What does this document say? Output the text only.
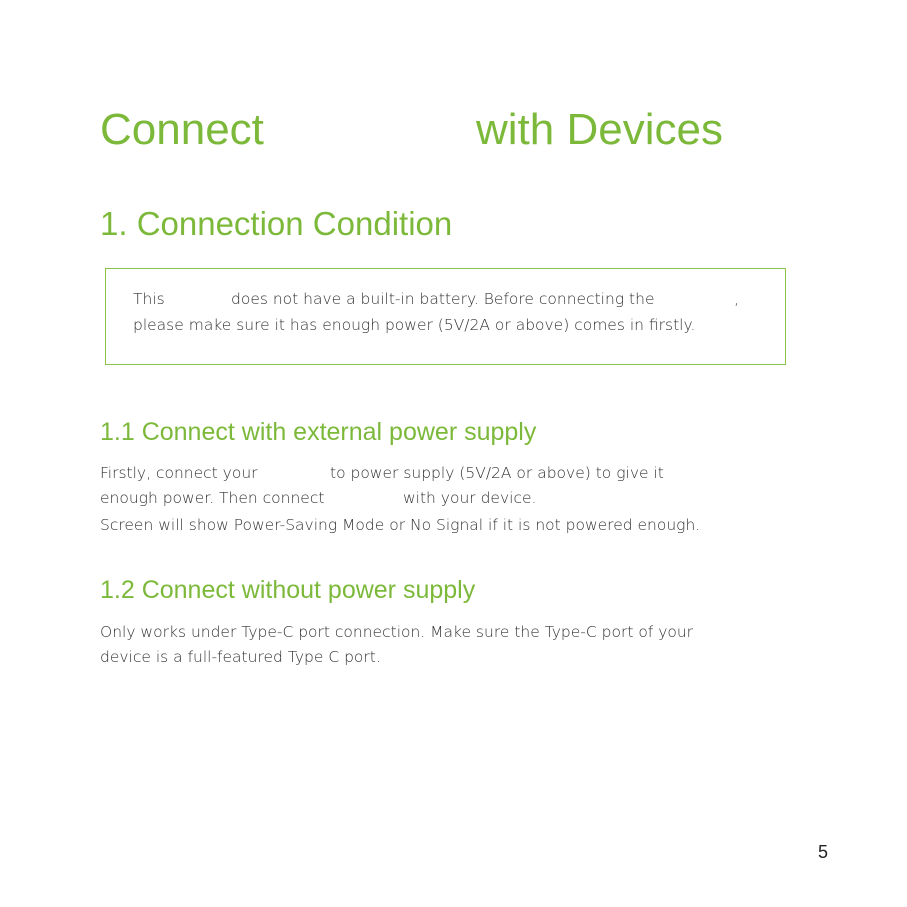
Connect	with Devices
1. Connection Condition
This	does not have a built-in battery. Before connecting the	,
please make sure it has enough power (5V/2A or above) comes in firstly.
1.1 Connect with external power supply
Firstly, connect your	to power supply (5V/2A or above) to give it
enough power. Then connect	with your device.
Screen will show Power-Saving Mode or No Signal if it is not powered enough.
1.2 Connect without power supply
Only works under Type-C port connection. Make sure the Type-C port of your
device is a full-featured Type C port.
5
